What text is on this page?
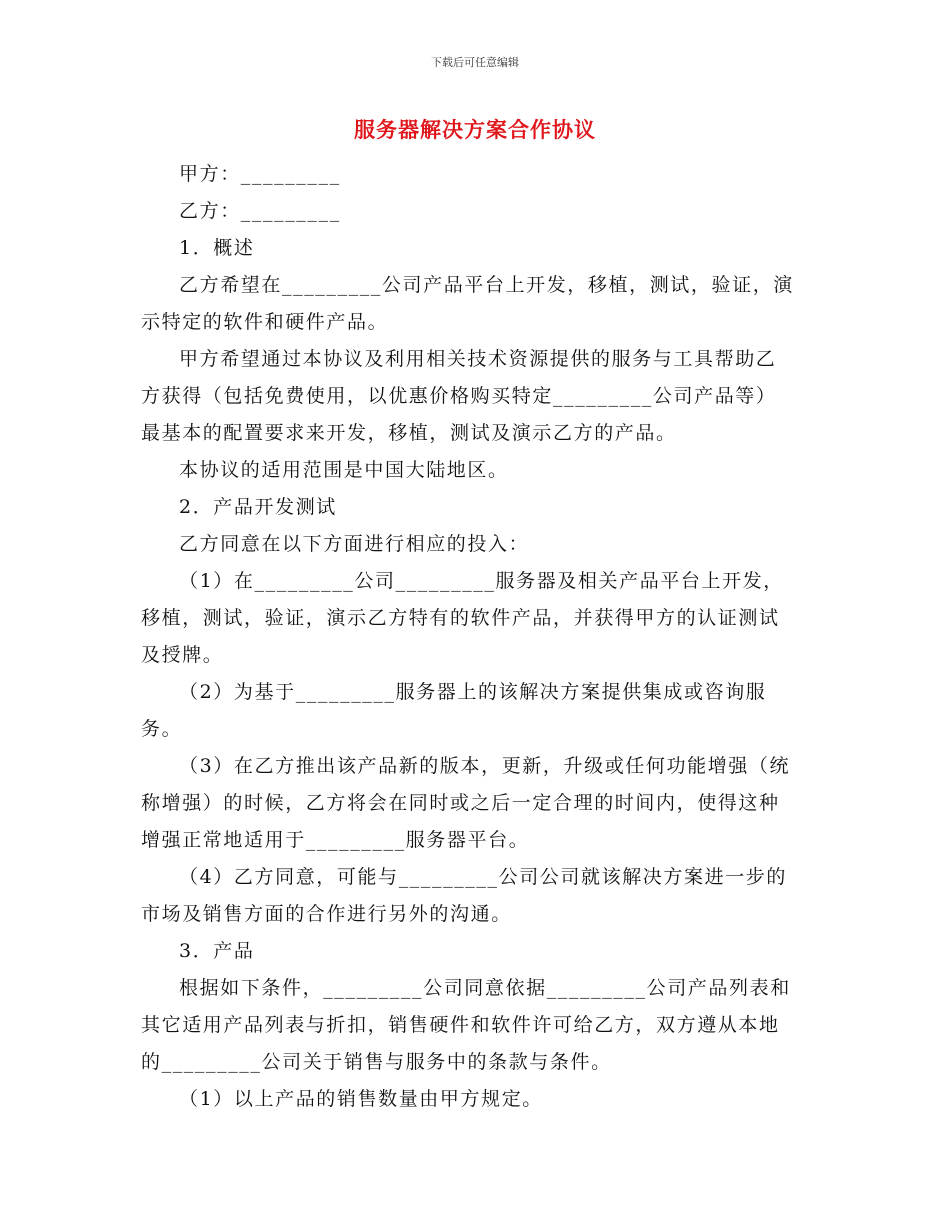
下载后可任意编辑
服务器解决方案合作协议

甲方：_________

乙方：_________

1．概述

乙方希望在_________公司产品平台上开发，移植，测试，验证，演示特定的软件和硬件产品。

甲方希望通过本协议及利用相关技术资源提供的服务与工具帮助乙方获得（包括免费使用，以优惠价格购买特定_________公司产品等）最基本的配置要求来开发，移植，测试及演示乙方的产品。

本协议的适用范围是中国大陆地区。

2．产品开发测试

乙方同意在以下方面进行相应的投入：

（1）在_________公司_________服务器及相关产品平台上开发，移植，测试，验证，演示乙方特有的软件产品，并获得甲方的认证测试及授牌。

（2）为基于_________服务器上的该解决方案提供集成或咨询服务。

（3）在乙方推出该产品新的版本，更新，升级或任何功能增强（统称增强）的时候，乙方将会在同时或之后一定合理的时间内，使得这种增强正常地适用于_________服务器平台。

（4）乙方同意，可能与_________公司公司就该解决方案进一步的市场及销售方面的合作进行另外的沟通。

3．产品

根据如下条件，_________公司同意依据_________公司产品列表和其它适用产品列表与折扣，销售硬件和软件许可给乙方，双方遵从本地的_________公司关于销售与服务中的条款与条件。

（1）以上产品的销售数量由甲方规定。
